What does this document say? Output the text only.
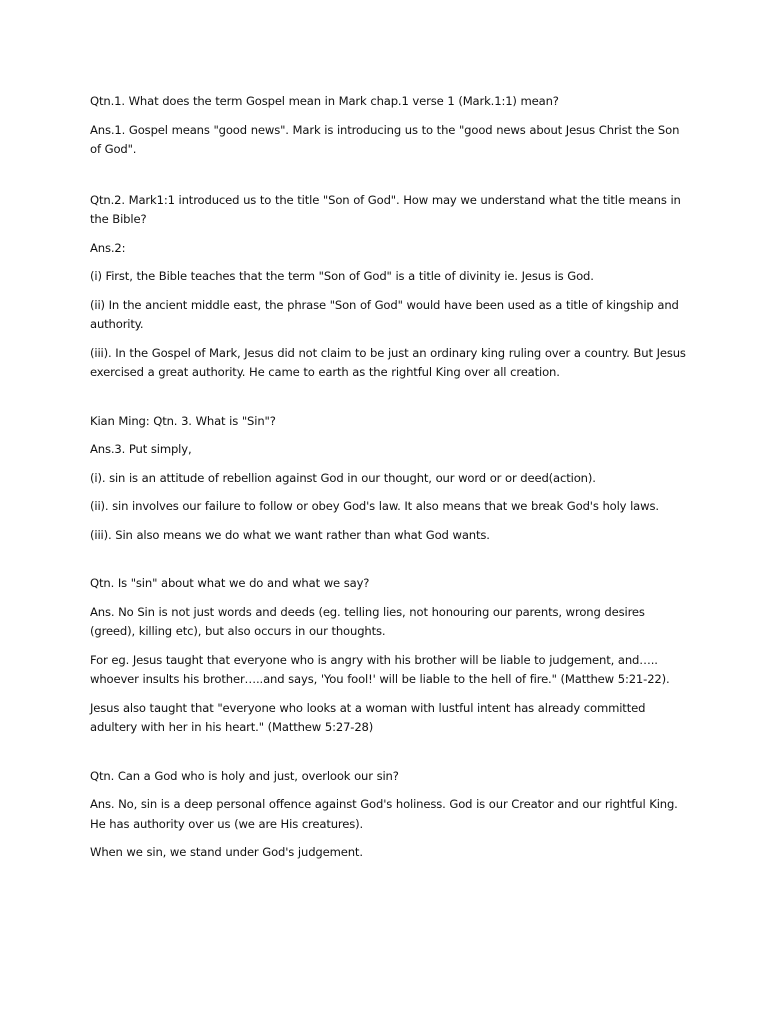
Qtn.1. What does the term Gospel mean in Mark chap.1 verse 1 (Mark.1:1) mean?

Ans.1. Gospel means "good news". Mark is introducing us to the "good news about Jesus Christ the Son of God".

Qtn.2. Mark1:1 introduced us to the title "Son of God". How may we understand what the title means in the Bible?

Ans.2:

(i) First, the Bible teaches that the term "Son of God" is a title of divinity ie. Jesus is God.

(ii) In the ancient middle east, the phrase "Son of God" would have been used as a title of kingship and authority.

(iii). In the Gospel of Mark, Jesus did not claim to be just an ordinary king ruling over a country. But Jesus exercised a great authority. He came to earth as the rightful King over all creation.

Kian Ming: Qtn. 3. What is "Sin"?

Ans.3. Put simply,

(i). sin is an attitude of rebellion against God in our thought, our word or or deed(action).

(ii). sin involves our failure to follow or obey God's law. It also means that we break God's holy laws.

(iii). Sin also means we do what we want rather than what God wants.

Qtn. Is "sin" about what we do and what we say?

Ans. No Sin is not just words and deeds (eg. telling lies, not honouring our parents, wrong desires (greed), killing etc), but also occurs in our thoughts.

For eg. Jesus taught that everyone who is angry with his brother will be liable to judgement, and….. whoever insults his brother…..and says, 'You fool!' will be liable to the hell of fire." (Matthew 5:21-22).

Jesus also taught that "everyone who looks at a woman with lustful intent has already committed adultery with her in his heart." (Matthew 5:27-28)

Qtn. Can a God who is holy and just, overlook our sin?

Ans. No, sin is a deep personal offence against God's holiness. God is our Creator and our rightful King. He has authority over us (we are His creatures).

When we sin, we stand under God's judgement.
